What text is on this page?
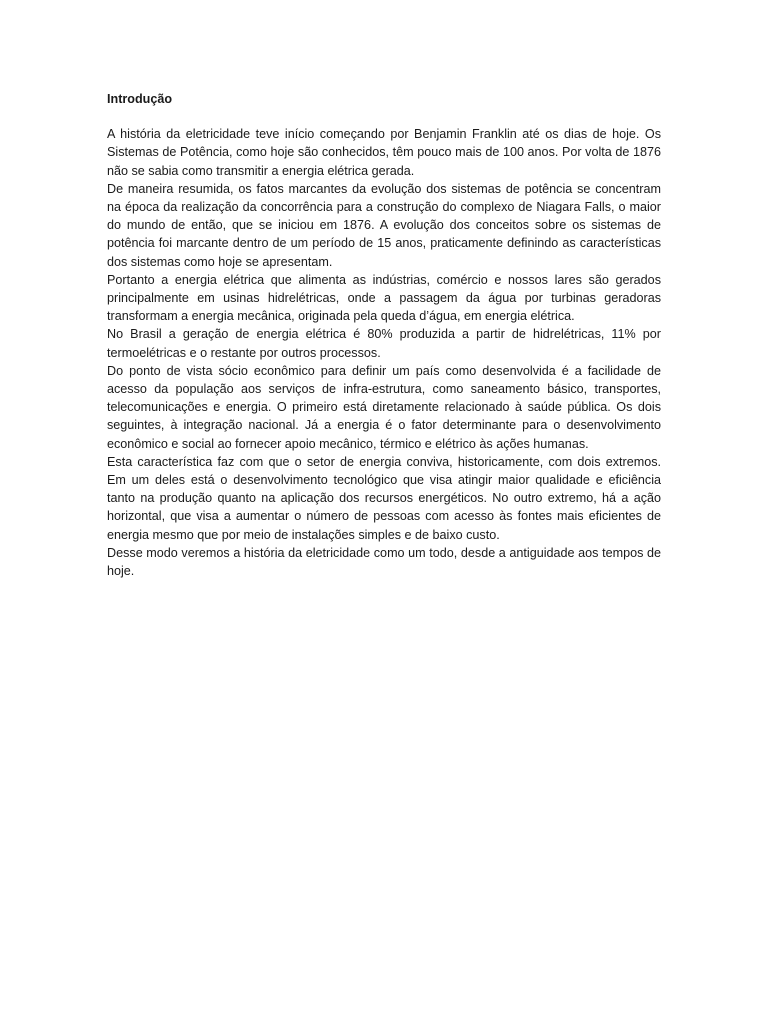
Introdução

A história da eletricidade teve início começando por Benjamin Franklin até os dias de hoje. Os Sistemas de Potência, como hoje são conhecidos, têm pouco mais de 100 anos. Por volta de 1876 não se sabia como transmitir a energia elétrica gerada.

De maneira resumida, os fatos marcantes da evolução dos sistemas de potência se concentram na época da realização da concorrência para a construção do complexo de Niagara Falls, o maior do mundo de então, que se iniciou em 1876. A evolução dos conceitos sobre os sistemas de potência foi marcante dentro de um período de 15 anos, praticamente definindo as características dos sistemas como hoje se apresentam.

Portanto a energia elétrica que alimenta as indústrias, comércio e nossos lares são gerados principalmente em usinas hidrelétricas, onde a passagem da água por turbinas geradoras transformam a energia mecânica, originada pela queda d’água, em energia elétrica.

No Brasil a geração de energia elétrica é 80% produzida a partir de hidrelétricas, 11% por termoelétricas e o restante por outros processos.

Do ponto de vista sócio econômico para definir um país como desenvolvida é a facilidade de acesso da população aos serviços de infra-estrutura, como saneamento básico, transportes, telecomunicações e energia. O primeiro está diretamente relacionado à saúde pública. Os dois seguintes, à integração nacional. Já a energia é o fator determinante para o desenvolvimento econômico e social ao fornecer apoio mecânico, térmico e elétrico às ações humanas.

Esta característica faz com que o setor de energia conviva, historicamente, com dois extremos. Em um deles está o desenvolvimento tecnológico que visa atingir maior qualidade e eficiência tanto na produção quanto na aplicação dos recursos energéticos. No outro extremo, há a ação horizontal, que visa a aumentar o número de pessoas com acesso às fontes mais eficientes de energia mesmo que por meio de instalações simples e de baixo custo.

Desse modo veremos a história da eletricidade como um todo, desde a antiguidade aos tempos de hoje.
